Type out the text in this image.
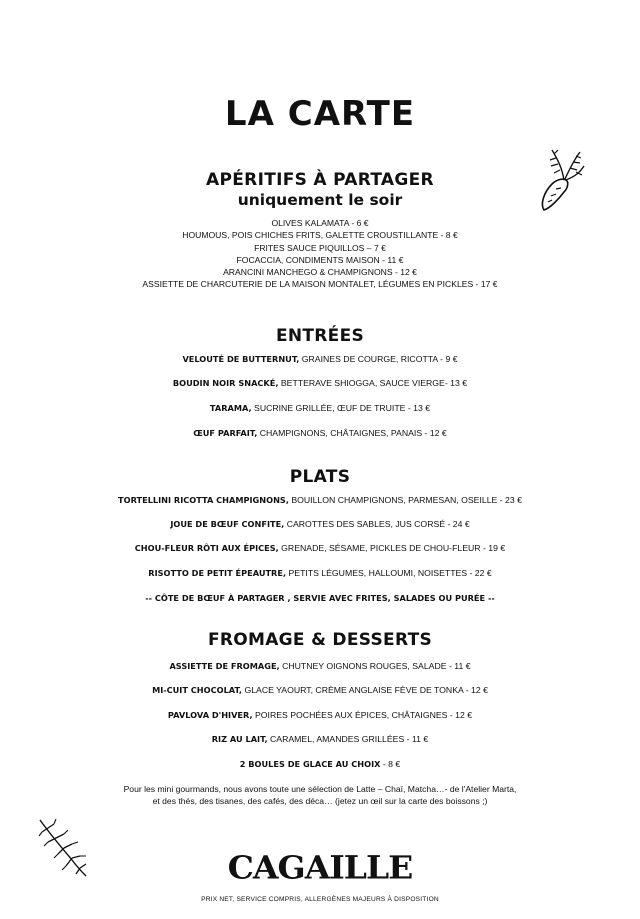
LA CARTE
APÉRITIFS À PARTAGER
uniquement le soir
OLIVES KALAMATA - 6 €
HOUMOUS, POIS CHICHES FRITS, GALETTE CROUSTILLANTE - 8 €
FRITES SAUCE PIQUILLOS – 7 €
FOCACCIA, CONDIMENTS MAISON - 11 €
ARANCINI MANCHEGO & CHAMPIGNONS - 12 €
ASSIETTE DE CHARCUTERIE DE LA MAISON MONTALET, LÉGUMES EN PICKLES - 17 €
ENTRÉES
VELOUTÉ DE BUTTERNUT, GRAINES DE COURGE, RICOTTA - 9 €
BOUDIN NOIR SNACKÉ, BETTERAVE SHIOGGA, SAUCE VIERGE- 13 €
TARAMA, SUCRINE GRILLÉE, ŒUF DE TRUITE - 13 €
ŒUF PARFAIT, CHAMPIGNONS, CHÂTAIGNES, PANAIS - 12 €
PLATS
TORTELLINI RICOTTA CHAMPIGNONS, BOUILLON CHAMPIGNONS, PARMESAN, OSEILLE - 23 €
JOUE DE BŒUF CONFITE, CAROTTES DES SABLES, JUS CORSÉ - 24 €
CHOU-FLEUR RÔTI AUX ÉPICES, GRENADE, SÉSAME, PICKLES DE CHOU-FLEUR - 19 €
RISOTTO DE PETIT ÉPEAUTRE, PETITS LÉGUMES, HALLOUMI, NOISETTES - 22 €
-- CÔTE DE BŒUF À PARTAGER , SERVIE AVEC FRITES, SALADES OU PURÉE --
FROMAGE & DESSERTS
ASSIETTE DE FROMAGE, CHUTNEY OIGNONS ROUGES, SALADE - 11 €
MI-CUIT CHOCOLAT, GLACE YAOURT, CRÈME ANGLAISE FÈVE DE TONKA - 12 €
PAVLOVA D'HIVER, POIRES POCHÉES AUX ÉPICES, CHÂTAIGNES - 12 €
RIZ AU LAIT, CARAMEL, AMANDES GRILLÉES - 11 €
2 BOULES DE GLACE AU CHOIX - 8 €
Pour les mini gourmands, nous avons toute une sélection de Latte – Chaï, Matcha…- de l'Atelier Marta,
et des thés, des tisanes, des cafés, des déca… (jetez un œil sur la carte des boissons ;)
CAGAILLE
PRIX NET, SERVICE COMPRIS, ALLERGÈNES MAJEURS À DISPOSITION
